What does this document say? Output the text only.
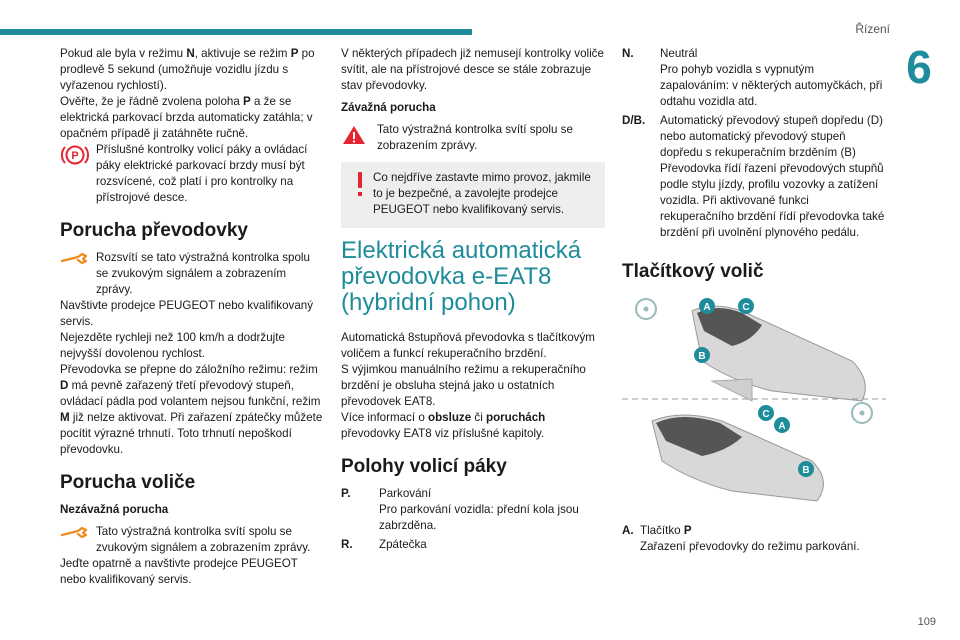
Řízení
6
109

Pokud ale byla v režimu N, aktivuje se režim P po prodlevě 5 sekund (umožňuje vozidlu jízdu s vyřazenou rychlostí).

Ověřte, že je řádně zvolena poloha P a že se elektrická parkovací brzda automaticky zatáhla; v opačném případě ji zatáhněte ručně.

P Příslušné kontrolky volicí páky a ovládací páky elektrické parkovací brzdy musí být rozsvícené, což platí i pro kontrolky na přístrojové desce.
Porucha převodovky
Rozsvítí se tato výstražná kontrolka spolu se zvukovým signálem a zobrazením zprávy.

Navštivte prodejce PEUGEOT nebo kvalifikovaný servis.

Nejezděte rychleji než 100 km/h a dodržujte nejvyšší dovolenou rychlost.

Převodovka se přepne do záložního režimu: režim D má pevně zařazený třetí převodový stupeň, ovládací pádla pod volantem nejsou funkční, režim M již nelze aktivovat. Při zařazení zpátečky můžete pocítit výrazné trhnutí. Toto trhnutí nepoškodí převodovku.

Porucha voliče
Nezávažná porucha
Tato výstražná kontrolka svítí spolu se zvukovým signálem a zobrazením zprávy.

Jeďte opatrně a navštivte prodejce PEUGEOT nebo kvalifikovaný servis.

V některých případech již nemusejí kontrolky voliče svítit, ale na přístrojové desce se stále zobrazuje stav převodovky.

Závažná porucha
Tato výstražná kontrolka svítí spolu se zobrazením zprávy.
Co nejdříve zastavte mimo provoz, jakmile to je bezpečné, a zavolejte prodejce PEUGEOT nebo kvalifikovaný servis.
Elektrická automatická převodovka e-EAT8 (hybridní pohon)

Automatická 8stupňová převodovka s tlačítkovým voličem a funkcí rekuperačního brzdění.

S výjimkou manuálního režimu a rekuperačního brzdění je obsluha stejná jako u ostatních převodovek EAT8.

Více informací o obsluze či poruchách převodovky EAT8 viz příslušné kapitoly.

Polohy volicí páky
P.	Parkování
Pro parkování vozidla: přední kola jsou zabrzděna.
R.	Zpátečka
N.	Neutrál
Pro pohyb vozidla s vypnutým zapalováním: v některých automyčkách, při odtahu vozidla atd.
D/B.	Automatický převodový stupeň dopředu (D) nebo automatický převodový stupeň dopředu s rekuperačním brzděním (B)
Převodovka řídí řazení převodových stupňů podle stylu jízdy, profilu vozovky a zatížení vozidla. Při aktivované funkci rekuperačního brzdění řídí převodovka také brzdění při uvolnění plynového pedálu.
Tlačítkový volič
A	C
B
C
A
B
A. Tlačítko P
Zařazení převodovky do režimu parkování.
